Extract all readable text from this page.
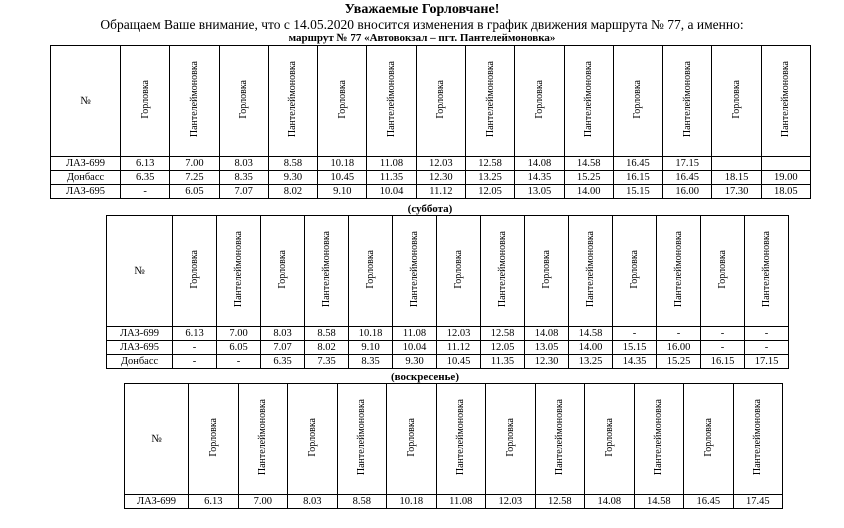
Уважаемые Горловчане!
Обращаем Ваше внимание, что с 14.05.2020 вносится изменения в график движения маршрута № 77, а именно:
маршрут № 77 «Автовокзал – пгт. Пантелеймоновка»
№	Горловка	Пантелеймоновка	Горловка	Пантелеймоновка	Горловка	Пантелеймоновка	Горловка	Пантелеймоновка	Горловка	Пантелеймоновка	Горловка	Пантелеймоновка	Горловка	Пантелеймоновка
ЛАЗ-699	6.13	7.00	8.03	8.58	10.18	11.08	12.03	12.58	14.08	14.58	16.45	17.15		
Донбасс	6.35	7.25	8.35	9.30	10.45	11.35	12.30	13.25	14.35	15.25	16.15	16.45	18.15	19.00
ЛАЗ-695	-	6.05	7.07	8.02	9.10	10.04	11.12	12.05	13.05	14.00	15.15	16.00	17.30	18.05
(суббота)
№	Горловка	Пантелеймоновка	Горловка	Пантелеймоновка	Горловка	Пантелеймоновка	Горловка	Пантелеймоновка	Горловка	Пантелеймоновка	Горловка	Пантелеймоновка	Горловка	Пантелеймоновка
ЛАЗ-699	6.13	7.00	8.03	8.58	10.18	11.08	12.03	12.58	14.08	14.58	-	-	-	-
ЛАЗ-695	-	6.05	7.07	8.02	9.10	10.04	11.12	12.05	13.05	14.00	15.15	16.00	-	-
Донбасс	-	-	6.35	7.35	8.35	9.30	10.45	11.35	12.30	13.25	14.35	15.25	16.15	17.15
(воскресенье)
№	Горловка	Пантелеймоновка	Горловка	Пантелеймоновка	Горловка	Пантелеймоновка	Горловка	Пантелеймоновка	Горловка	Пантелеймоновка	Горловка	Пантелеймоновка
ЛАЗ-699	6.13	7.00	8.03	8.58	10.18	11.08	12.03	12.58	14.08	14.58	16.45	17.45
